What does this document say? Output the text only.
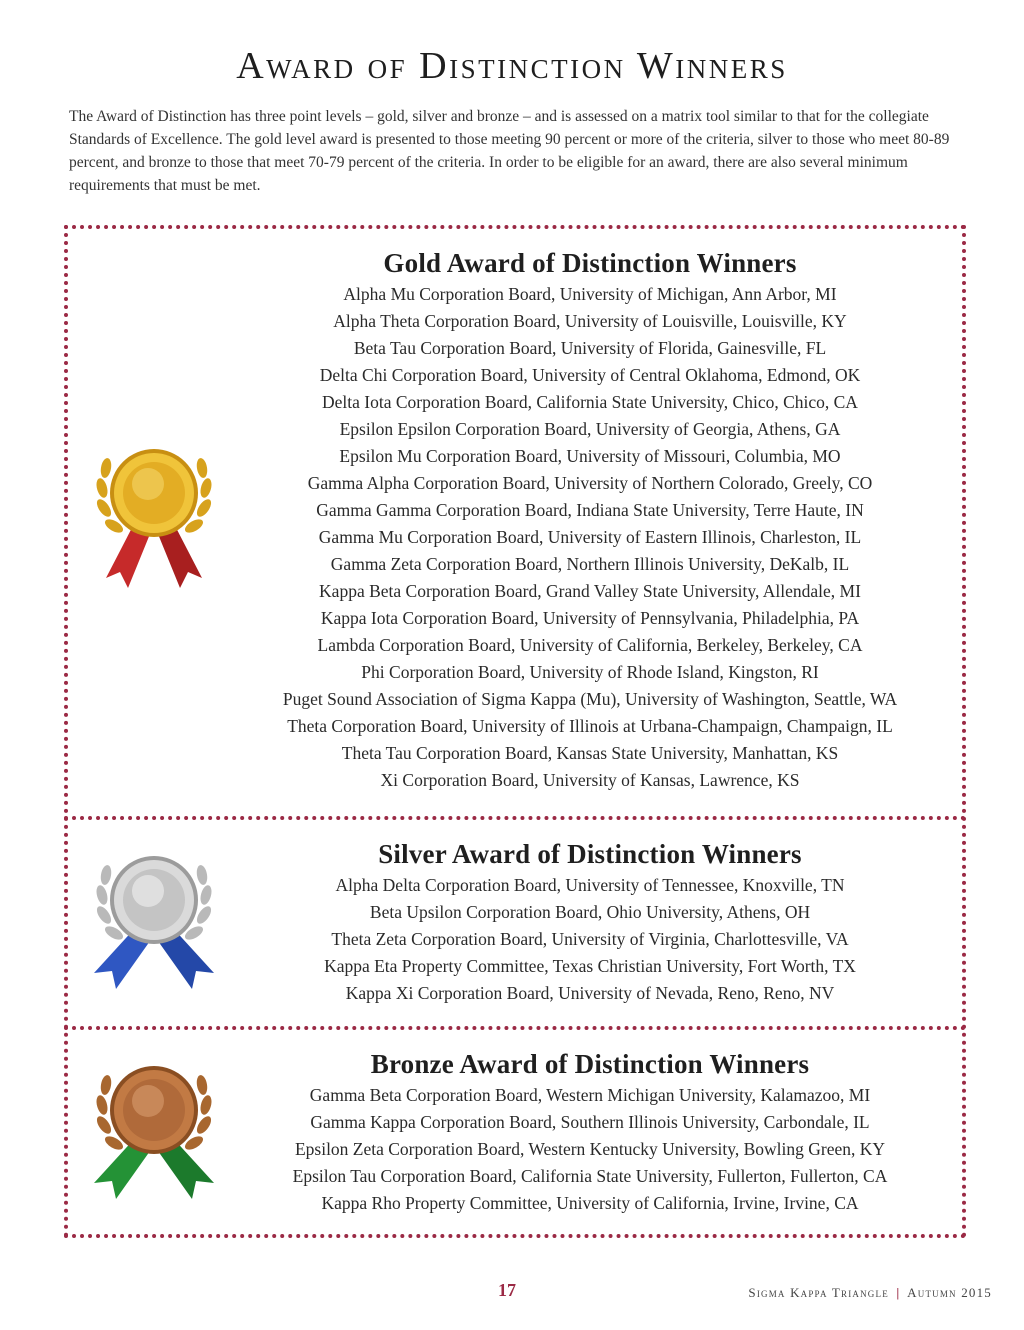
Award of Distinction Winners

The Award of Distinction has three point levels – gold, silver and bronze – and is assessed on a matrix tool similar to that for the collegiate Standards of Excellence. The gold level award is presented to those meeting 90 percent or more of the criteria, silver to those who meet 80-89 percent, and bronze to those that meet 70-79 percent of the criteria. In order to be eligible for an award, there are also several minimum requirements that must be met.

Gold Award of Distinction Winners
Alpha Mu Corporation Board, University of Michigan, Ann Arbor, MI
Alpha Theta Corporation Board, University of Louisville, Louisville, KY
Beta Tau Corporation Board, University of Florida, Gainesville, FL
Delta Chi Corporation Board, University of Central Oklahoma, Edmond, OK
Delta Iota Corporation Board, California State University, Chico, Chico, CA
Epsilon Epsilon Corporation Board, University of Georgia, Athens, GA
Epsilon Mu Corporation Board, University of Missouri, Columbia, MO
Gamma Alpha Corporation Board, University of Northern Colorado, Greely, CO
Gamma Gamma Corporation Board, Indiana State University, Terre Haute, IN
Gamma Mu Corporation Board, University of Eastern Illinois, Charleston, IL
Gamma Zeta Corporation Board, Northern Illinois University, DeKalb, IL
Kappa Beta Corporation Board, Grand Valley State University, Allendale, MI
Kappa Iota Corporation Board, University of Pennsylvania, Philadelphia, PA
Lambda Corporation Board, University of California, Berkeley, Berkeley, CA
Phi Corporation Board, University of Rhode Island, Kingston, RI
Puget Sound Association of Sigma Kappa (Mu), University of Washington, Seattle, WA
Theta Corporation Board, University of Illinois at Urbana-Champaign, Champaign, IL
Theta Tau Corporation Board, Kansas State University, Manhattan, KS
Xi Corporation Board, University of Kansas, Lawrence, KS
Silver Award of Distinction Winners
Alpha Delta Corporation Board, University of Tennessee, Knoxville, TN
Beta Upsilon Corporation Board, Ohio University, Athens, OH
Theta Zeta Corporation Board, University of Virginia, Charlottesville, VA
Kappa Eta Property Committee, Texas Christian University, Fort Worth, TX
Kappa Xi Corporation Board, University of Nevada, Reno, Reno, NV
Bronze Award of Distinction Winners
Gamma Beta Corporation Board, Western Michigan University, Kalamazoo, MI
Gamma Kappa Corporation Board, Southern Illinois University, Carbondale, IL
Epsilon Zeta Corporation Board, Western Kentucky University, Bowling Green, KY
Epsilon Tau Corporation Board, California State University, Fullerton, Fullerton, CA
Kappa Rho Property Committee, University of California, Irvine, Irvine, CA
17	Sigma Kappa Triangle | Autumn 2015
